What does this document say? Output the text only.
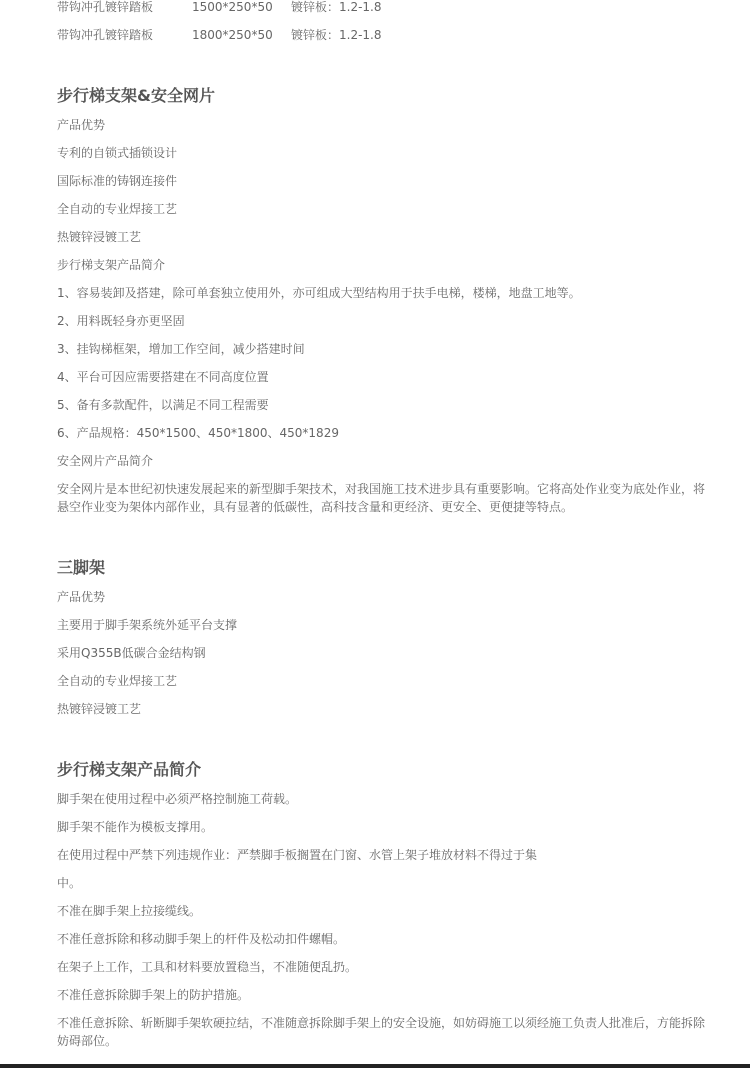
带钩冲孔镀锌踏板	1500*250*50 镀锌板：1.2-1.8
带钩冲孔镀锌踏板	1800*250*50 镀锌板：1.2-1.8
步行梯支架&安全网片
产品优势
专利的自锁式插锁设计
国际标准的铸钢连接件
全自动的专业焊接工艺
热镀锌浸镀工艺
步行梯支架产品简介
1、容易装卸及搭建，除可单套独立使用外，亦可组成大型结构用于扶手电梯，楼梯，地盘工地等。
2、用料既轻身亦更坚固
3、挂钩梯框架，增加工作空间，减少搭建时间
4、平台可因应需要搭建在不同高度位置
5、备有多款配件，以满足不同工程需要
6、产品规格：450*1500、450*1800、450*1829
安全网片产品简介
安全网片是本世纪初快速发展起来的新型脚手架技术，对我国施工技术进步具有重要影响。它将高处作业变为底处作业，将悬空作业变为架体内部作业，具有显著的低碳性，高科技含量和更经济、更安全、更便捷等特点。
三脚架
产品优势
主要用于脚手架系统外延平台支撑
采用Q355B低碳合金结构钢
全自动的专业焊接工艺
热镀锌浸镀工艺
步行梯支架产品简介
脚手架在使用过程中必须严格控制施工荷载。
脚手架不能作为模板支撑用。
在使用过程中严禁下列违规作业：严禁脚手板搁置在门窗、水管上架子堆放材料不得过于集
中。
不准在脚手架上拉接缆线。
不准任意拆除和移动脚手架上的杆件及松动扣件螺帽。
在架子上工作，工具和材料要放置稳当，不准随便乱扔。
不准任意拆除脚手架上的防护措施。
不准任意拆除、斩断脚手架软硬拉结，不准随意拆除脚手架上的安全设施，如妨碍施工以须经施工负责人批准后，方能拆除妨碍部位。
